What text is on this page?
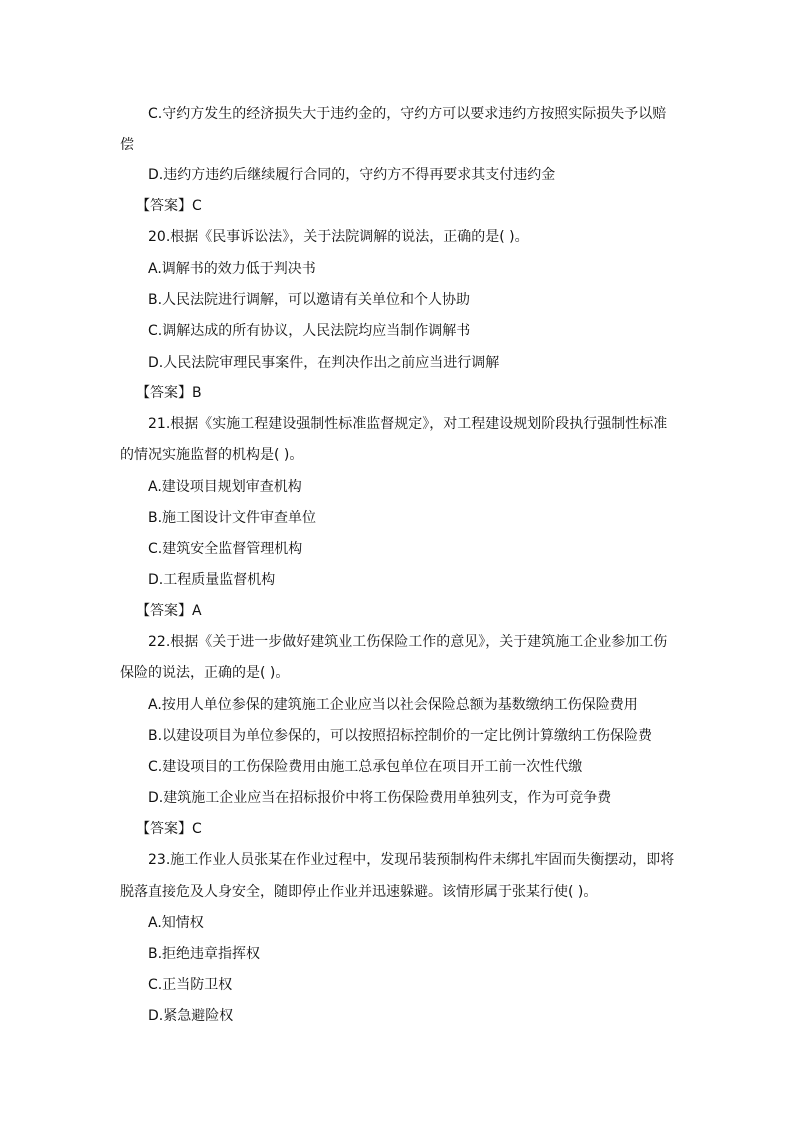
C.守约方发生的经济损失大于违约金的，守约方可以要求违约方按照实际损失予以赔
偿
D.违约方违约后继续履行合同的，守约方不得再要求其支付违约金
【答案】C
20.根据《民事诉讼法》，关于法院调解的说法，正确的是( )。
A.调解书的效力低于判决书
B.人民法院进行调解，可以邀请有关单位和个人协助
C.调解达成的所有协议，人民法院均应当制作调解书
D.人民法院审理民事案件，在判决作出之前应当进行调解
【答案】B
21.根据《实施工程建设强制性标准监督规定》，对工程建设规划阶段执行强制性标准
的情况实施监督的机构是( )。
A.建设项目规划审查机构
B.施工图设计文件审查单位
C.建筑安全监督管理机构
D.工程质量监督机构
【答案】A
22.根据《关于进一步做好建筑业工伤保险工作的意见》，关于建筑施工企业参加工伤
保险的说法，正确的是( )。
A.按用人单位参保的建筑施工企业应当以社会保险总额为基数缴纳工伤保险费用
B.以建设项目为单位参保的，可以按照招标控制价的一定比例计算缴纳工伤保险费
C.建设项目的工伤保险费用由施工总承包单位在项目开工前一次性代缴
D.建筑施工企业应当在招标报价中将工伤保险费用单独列支，作为可竞争费
【答案】C
23.施工作业人员张某在作业过程中，发现吊装预制构件未绑扎牢固而失衡摆动，即将
脱落直接危及人身安全，随即停止作业并迅速躲避。该情形属于张某行使( )。
A.知情权
B.拒绝违章指挥权
C.正当防卫权
D.紧急避险权
